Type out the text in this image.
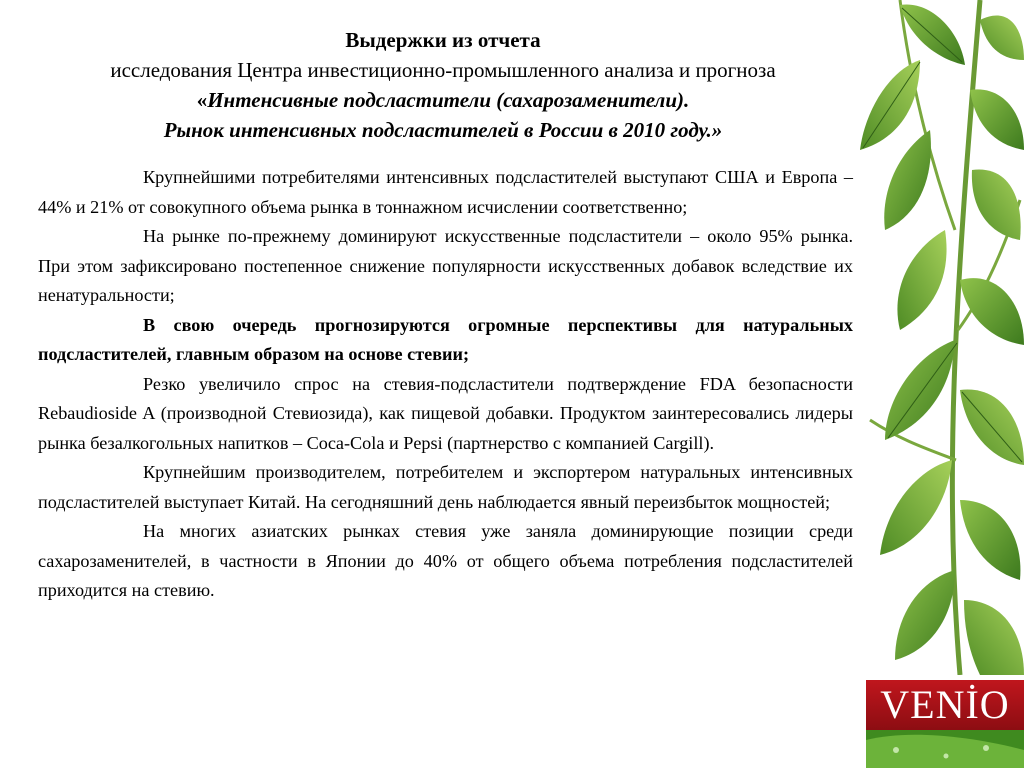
Выдержки из отчета
исследования Центра инвестиционно-промышленного анализа и прогноза
«Интенсивные подсластители (сахарозаменители).
Рынок интенсивных подсластителей в России в 2010 году.»

Крупнейшими потребителями интенсивных подсластителей выступают США и Европа – 44% и 21% от совокупного объема рынка в тоннажном исчислении соответственно;

На рынке по-прежнему доминируют искусственные подсластители – около 95% рынка. При этом зафиксировано постепенное снижение популярности искусственных добавок вследствие их ненатуральности;

В свою очередь прогнозируются огромные перспективы для натуральных подсластителей, главным образом на основе стевии;

Резко увеличило спрос на стевия-подсластители подтверждение FDA безопасности Rebaudioside A (производной Стевиозида), как пищевой добавки. Продуктом заинтересовались лидеры рынка безалкогольных напитков – Coca-Cola и Pepsi (партнерство с компанией Cargill).

Крупнейшим производителем, потребителем и экспортером натуральных интенсивных подсластителей выступает Китай. На сегодняшний день наблюдается явный переизбыток мощностей;

На многих азиатских рынках стевия уже заняла доминирующие позиции среди сахарозаменителей, в частности в Японии до 40% от общего объема потребления подсластителей приходится на стевию.

VENİO
